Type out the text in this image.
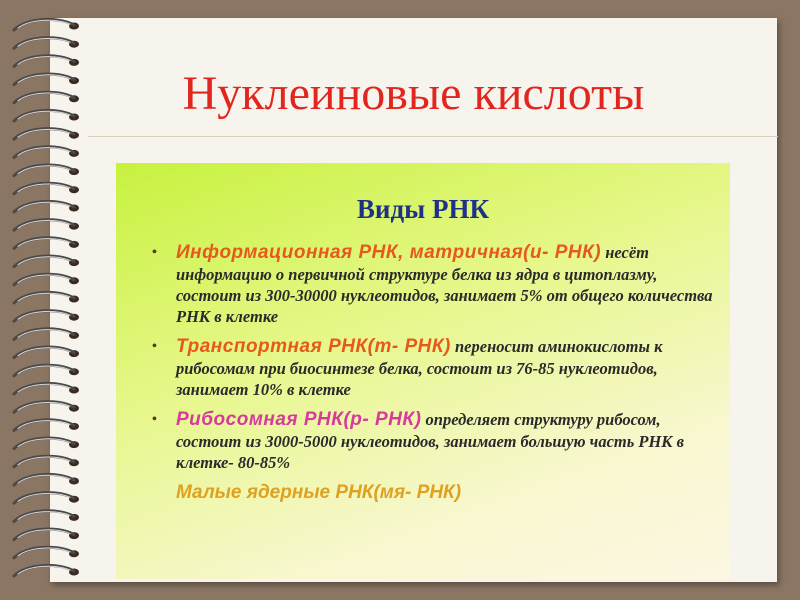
Нуклеиновые кислоты
Виды РНК
• Информационная РНК, матричная(и- РНК) несёт информацию о первичной структуре белка из ядра в цитоплазму, состоит из 300-30000 нуклеотидов, занимает 5% от общего количества РНК в клетке
• Транспортная РНК(т- РНК) переносит аминокислоты к рибосомам при биосинтезе белка, состоит из 76-85 нуклеотидов, занимает 10% в клетке
• Рибосомная РНК(р- РНК) определяет структуру рибосом, состоит из 3000-5000 нуклеотидов, занимает большую часть РНК в клетке- 80-85%
Малые ядерные РНК(мя- РНК)
